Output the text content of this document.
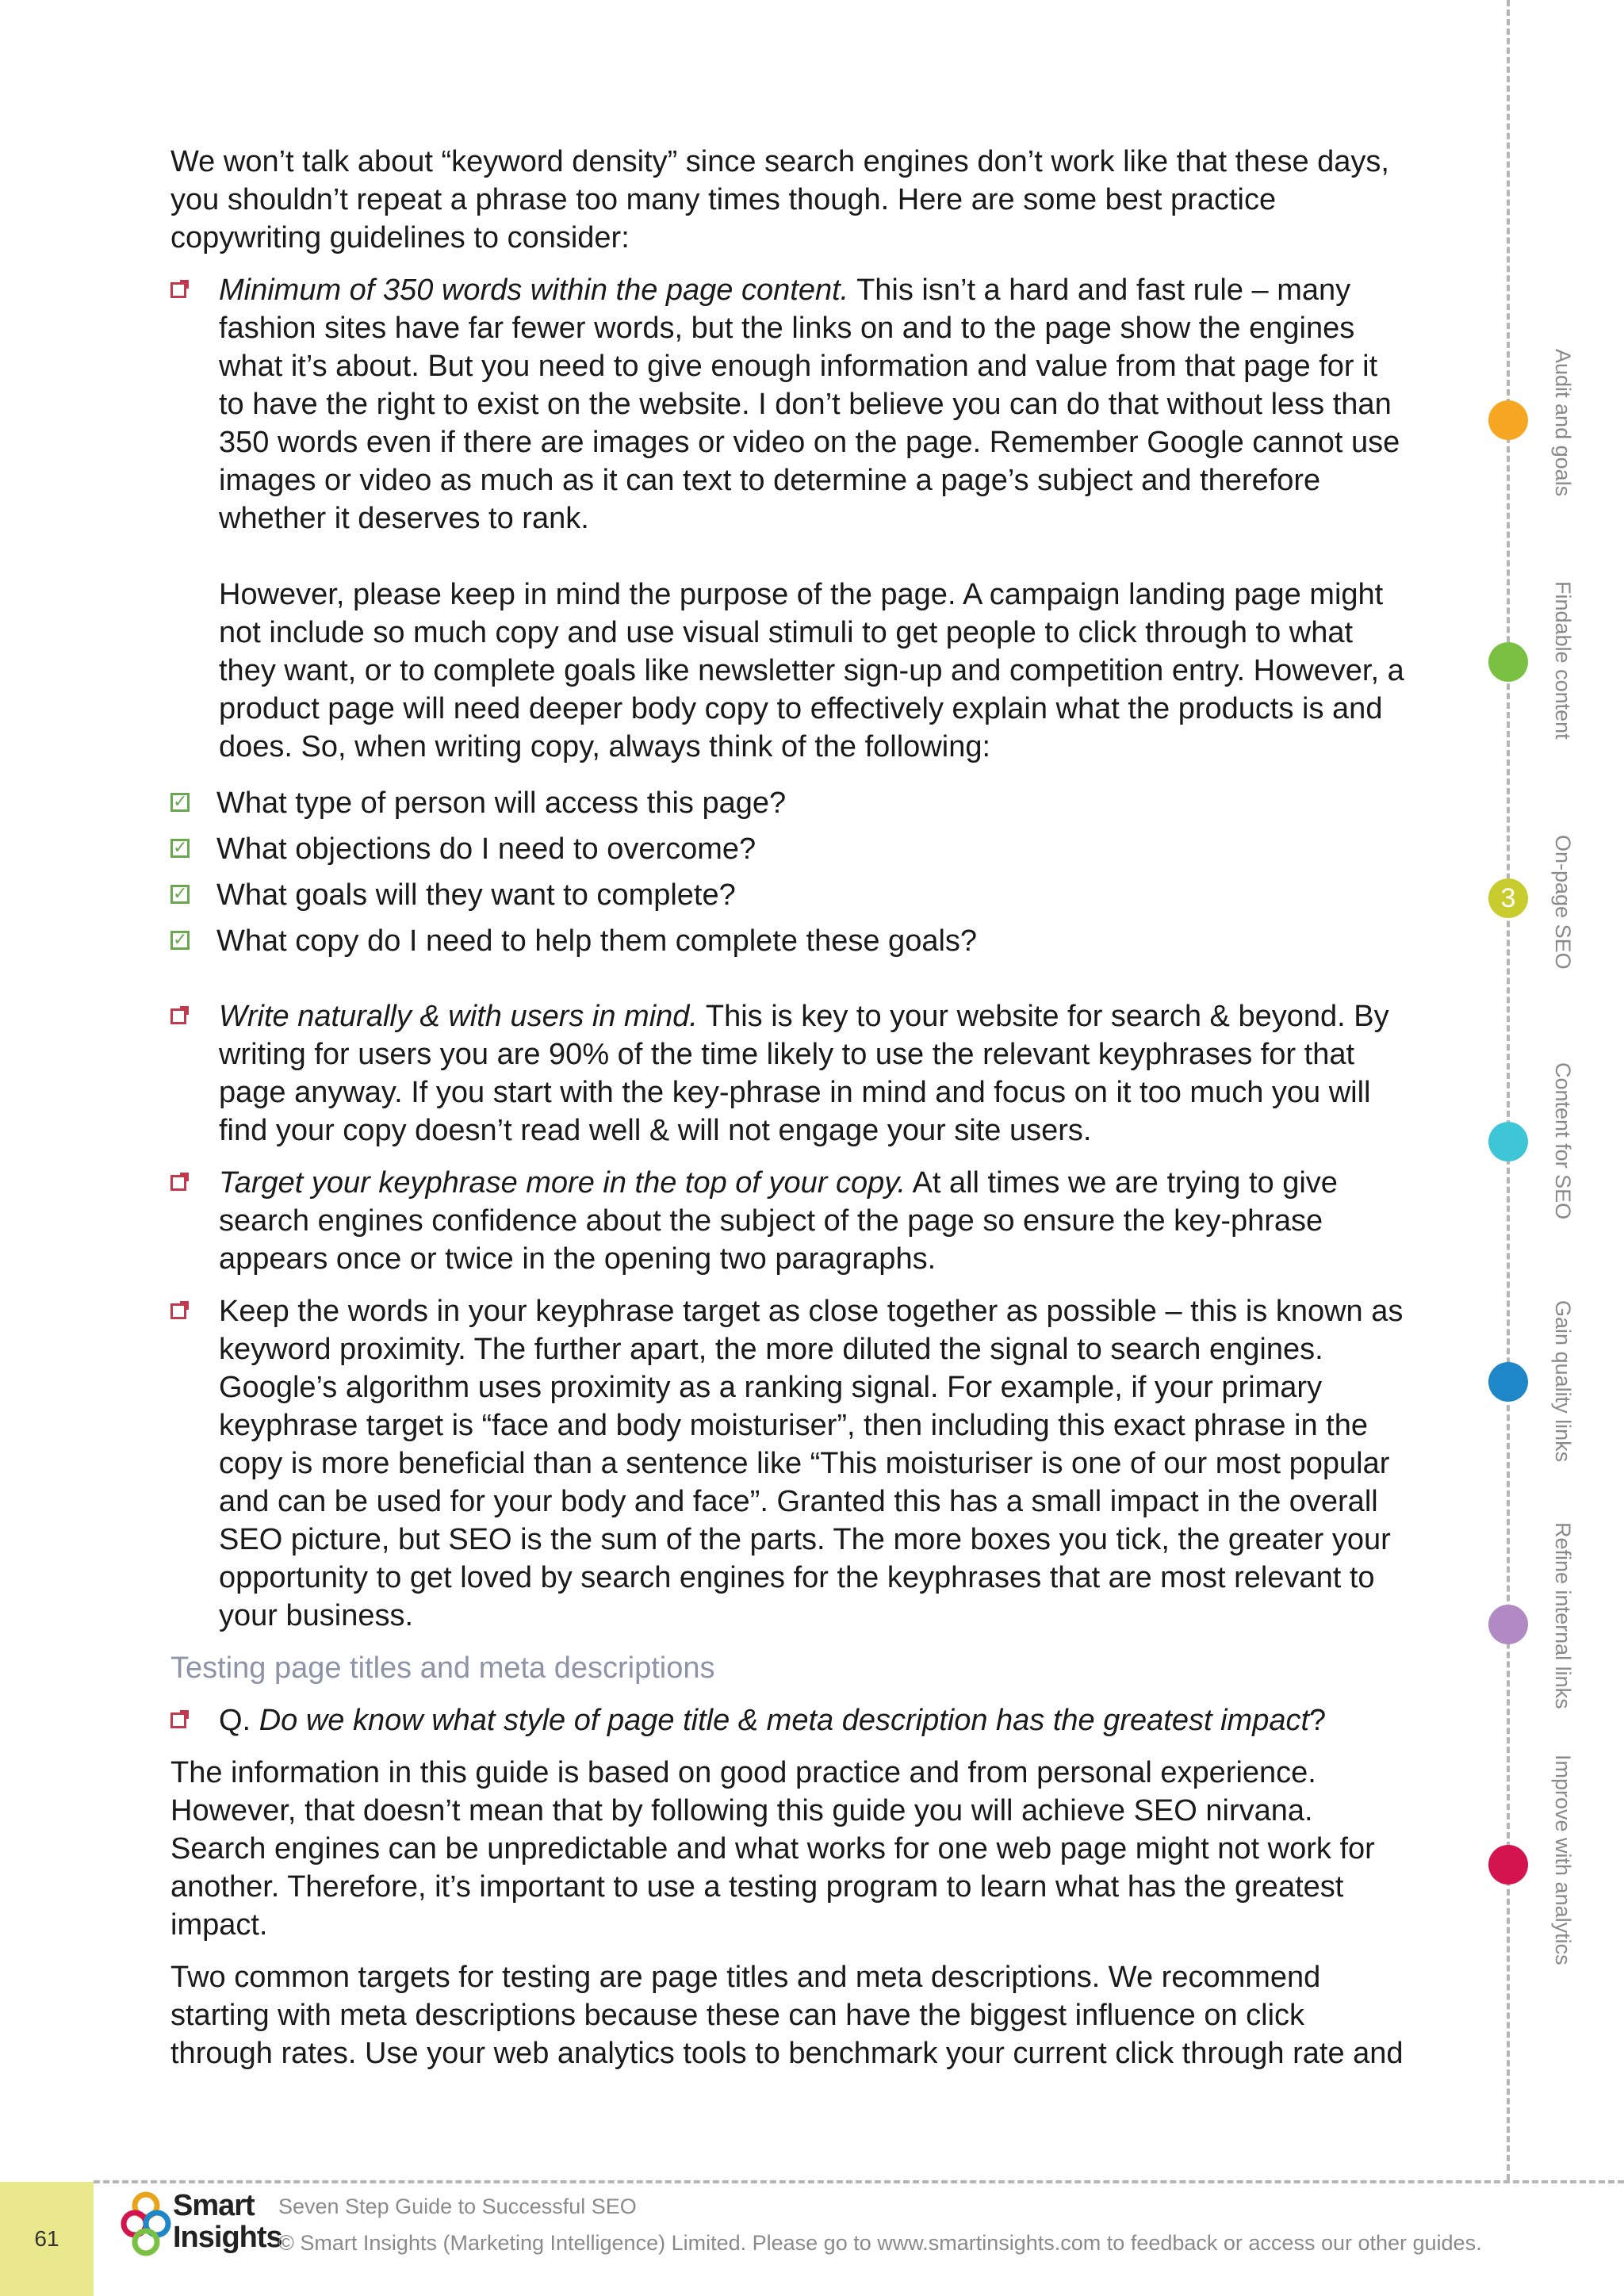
We won’t talk about “keyword density” since search engines don’t work like that these days, you shouldn’t repeat a phrase too many times though. Here are some best practice copywriting guidelines to consider:

Minimum of 350 words within the page content. This isn’t a hard and fast rule – many fashion sites have far fewer words, but the links on and to the page show the engines what it’s about. But you need to give enough information and value from that page for it to have the right to exist on the website. I don’t believe you can do that without less than 350 words even if there are images or video on the page. Remember Google cannot use images or video as much as it can text to determine a page’s subject and therefore whether it deserves to rank.

However, please keep in mind the purpose of the page. A campaign landing page might not include so much copy and use visual stimuli to get people to click through to what they want, or to complete goals like newsletter sign-up and competition entry. However, a product page will need deeper body copy to effectively explain what the products is and does. So, when writing copy, always think of the following:

✓ What type of person will access this page?
✓ What objections do I need to overcome?
✓ What goals will they want to complete?
✓ What copy do I need to help them complete these goals?

Write naturally & with users in mind. This is key to your website for search & beyond. By writing for users you are 90% of the time likely to use the relevant keyphrases for that page anyway. If you start with the key-phrase in mind and focus on it too much you will find your copy doesn’t read well & will not engage your site users.

Target your keyphrase more in the top of your copy. At all times we are trying to give search engines confidence about the subject of the page so ensure the key-phrase appears once or twice in the opening two paragraphs.

Keep the words in your keyphrase target as close together as possible – this is known as keyword proximity. The further apart, the more diluted the signal to search engines. Google’s algorithm uses proximity as a ranking signal. For example, if your primary keyphrase target is “face and body moisturiser”, then including this exact phrase in the copy is more beneficial than a sentence like “This moisturiser is one of our most popular and can be used for your body and face”. Granted this has a small impact in the overall SEO picture, but SEO is the sum of the parts. The more boxes you tick, the greater your opportunity to get loved by search engines for the keyphrases that are most relevant to your business.

Testing page titles and meta descriptions

Q. Do we know what style of page title & meta description has the greatest impact?

The information in this guide is based on good practice and from personal experience. However, that doesn’t mean that by following this guide you will achieve SEO nirvana. Search engines can be unpredictable and what works for one web page might not work for another. Therefore, it’s important to use a testing program to learn what has the greatest impact.

Two common targets for testing are page titles and meta descriptions. We recommend starting with meta descriptions because these can have the biggest influence on click through rates. Use your web analytics tools to benchmark your current click through rate and

Audit and goals
Findable content
3	On-page SEO
Content for SEO
Gain quality links
Refine internal links
Improve with analytics
61
Smart
Insights
Seven Step Guide to Successful SEO
© Smart Insights (Marketing Intelligence) Limited. Please go to www.smartinsights.com to feedback or access our other guides.
